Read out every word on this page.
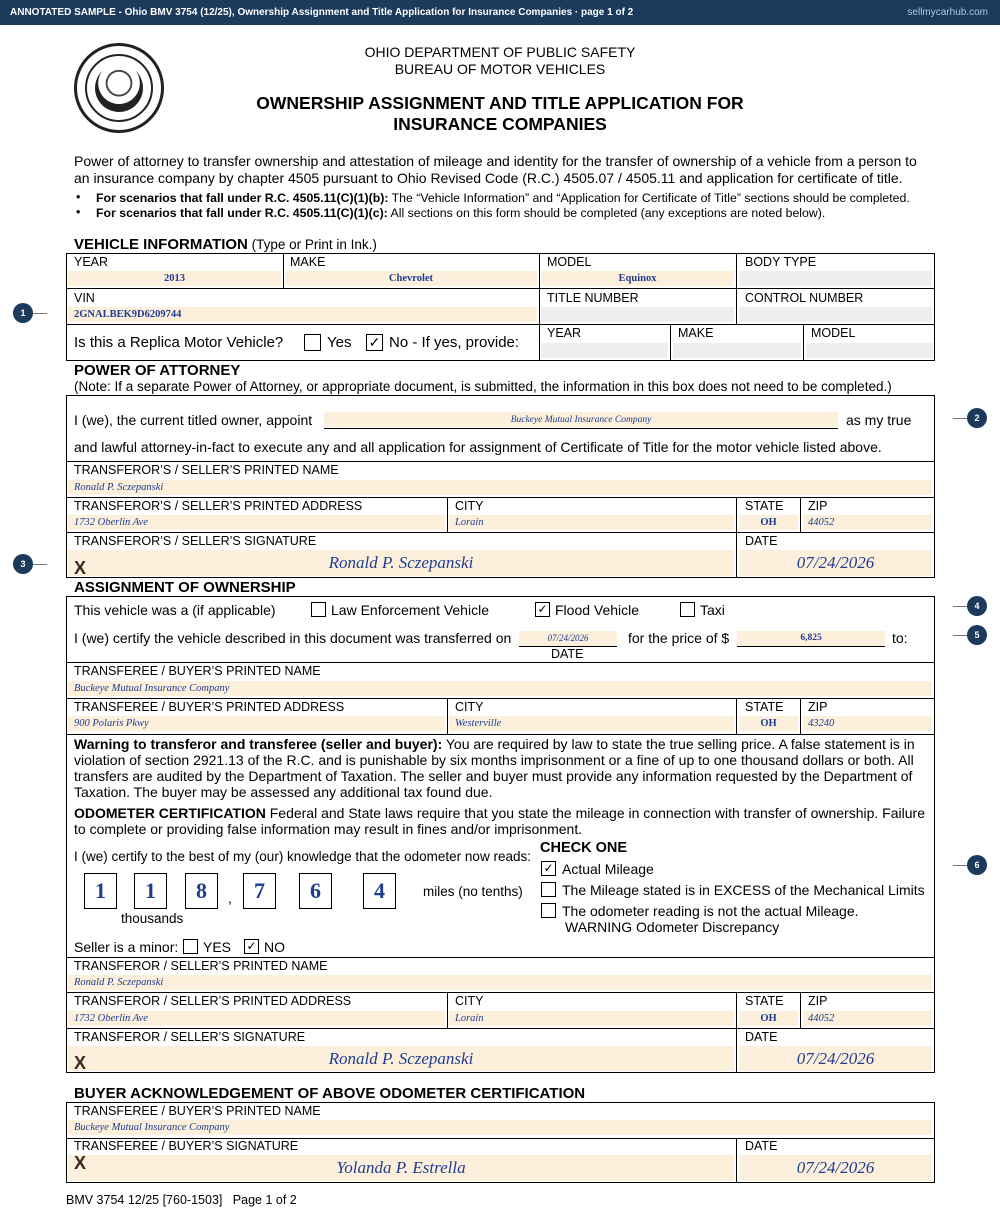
ANNOTATED SAMPLE - Ohio BMV 3754 (12/25), Ownership Assignment and Title Application for Insurance Companies · page 1 of 2	sellmycarhub.com
OHIO DEPARTMENT OF PUBLIC SAFETY
BUREAU OF MOTOR VEHICLES
OWNERSHIP ASSIGNMENT AND TITLE APPLICATION FOR
INSURANCE COMPANIES
Power of attorney to transfer ownership and attestation of mileage and identity for the transfer of ownership of a vehicle from a person to
an insurance company by chapter 4505 pursuant to Ohio Revised Code (R.C.) 4505.07 / 4505.11 and application for certificate of title.
• For scenarios that fall under R.C. 4505.11(C)(1)(b): The “Vehicle Information” and “Application for Certificate of Title” sections should be completed.
• For scenarios that fall under R.C. 4505.11(C)(1)(c): All sections on this form should be completed (any exceptions are noted below).
VEHICLE INFORMATION (Type or Print in Ink.)
YEAR
2013
MAKE
Chevrolet
MODEL
Equinox
BODY TYPE
VIN
2GNALBEK9D6209744
TITLE NUMBER	CONTROL NUMBER
Is this a Replica Motor Vehicle?	Yes ✓ No - If yes, provide:
YEAR	MAKE	MODEL
POWER OF ATTORNEY
(Note: If a separate Power of Attorney, or appropriate document, is submitted, the information in this box does not need to be completed.)
I (we), the current titled owner, appoint	Buckeye Mutual Insurance Company	as my true
and lawful attorney-in-fact to execute any and all application for assignment of Certificate of Title for the motor vehicle listed above.
TRANSFEROR’S / SELLER’S PRINTED NAME
Ronald P. Sczepanski
TRANSFEROR’S / SELLER’S PRINTED ADDRESS
1732 Oberlin Ave
CITY
Lorain
STATE
OH
ZIP
44052
TRANSFEROR’S / SELLER’S SIGNATURE
X	Ronald P. Sczepanski
DATE
07/24/2026
ASSIGNMENT OF OWNERSHIP
This vehicle was a (if applicable)	Law Enforcement Vehicle	✓ Flood Vehicle	Taxi
I (we) certify the vehicle described in this document was transferred on	07/24/2026
DATE
for the price of $	6,825	to:
TRANSFEREE / BUYER’S PRINTED NAME
Buckeye Mutual Insurance Company
TRANSFEREE / BUYER’S PRINTED ADDRESS
900 Polaris Pkwy
CITY
Westerville
STATE
OH
ZIP
43240
Warning to transferor and transferee (seller and buyer): You are required by law to state the true selling price. A false statement is in
violation of section 2921.13 of the R.C. and is punishable by six months imprisonment or a fine of up to one thousand dollars or both. All
transfers are audited by the Department of Taxation. The seller and buyer must provide any information requested by the Department of
Taxation. The buyer may be assessed any additional tax found due.
ODOMETER CERTIFICATION Federal and State laws require that you state the mileage in connection with transfer of ownership. Failure
to complete or providing false information may result in fines and/or imprisonment.
I (we) certify to the best of my (our) knowledge that the odometer now reads:
1	1	8	,	7	6	4
thousands
miles (no tenths)
CHECK ONE
✓ Actual Mileage
The Mileage stated is in EXCESS of the Mechanical Limits
The odometer reading is not the actual Mileage.
WARNING Odometer Discrepancy
Seller is a minor: YES ✓ NO
TRANSFEROR / SELLER’S PRINTED NAME
Ronald P. Sczepanski
TRANSFEROR / SELLER’S PRINTED ADDRESS
1732 Oberlin Ave
CITY
Lorain
STATE
OH
ZIP
44052
TRANSFEROR / SELLER’S SIGNATURE
X	Ronald P. Sczepanski
DATE
07/24/2026
BUYER ACKNOWLEDGEMENT OF ABOVE ODOMETER CERTIFICATION
TRANSFEREE / BUYER’S PRINTED NAME
Buckeye Mutual Insurance Company
TRANSFEREE / BUYER’S SIGNATURE
X	Yolanda P. Estrella
DATE
07/24/2026
BMV 3754 12/25 [760-1503]   Page 1 of 2
1
2
3
4
5
6
